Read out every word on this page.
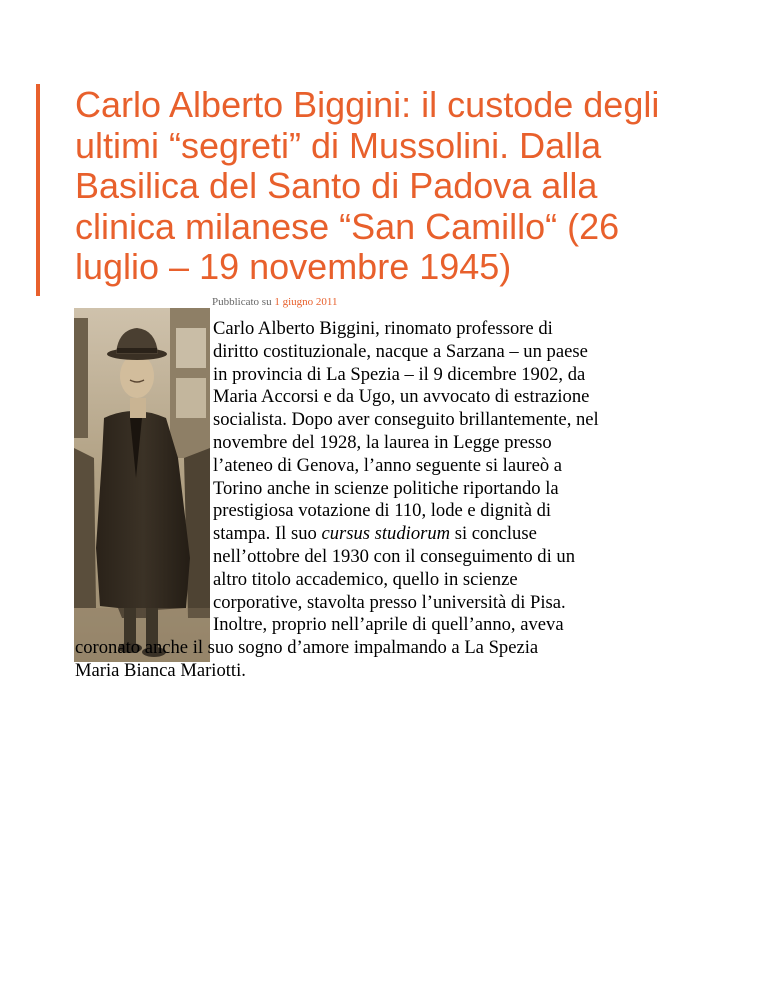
Carlo Alberto Biggini: il custode degli
ultimi “segreti” di Mussolini. Dalla
Basilica del Santo di Padova alla
clinica milanese “San Camillo“ (26
luglio – 19 novembre 1945)
Pubblicato su 1 giugno 2011
Carlo Alberto Biggini, rinomato professore di
diritto costituzionale, nacque a Sarzana – un paese
in provincia di La Spezia – il 9 dicembre 1902, da
Maria Accorsi e da Ugo, un avvocato di estrazione
socialista. Dopo aver conseguito brillantemente, nel
novembre del 1928, la laurea in Legge presso
l’ateneo di Genova, l’anno seguente si laureò a
Torino anche in scienze politiche riportando la
prestigiosa votazione di 110, lode e dignità di
stampa. Il suo cursus studiorum si concluse
nell’ottobre del 1930 con il conseguimento di un
altro titolo accademico, quello in scienze
corporative, stavolta presso l’università di Pisa.
Inoltre, proprio nell’aprile di quell’anno, aveva
coronato anche il suo sogno d’amore impalmando a La Spezia
Maria Bianca Mariotti.
